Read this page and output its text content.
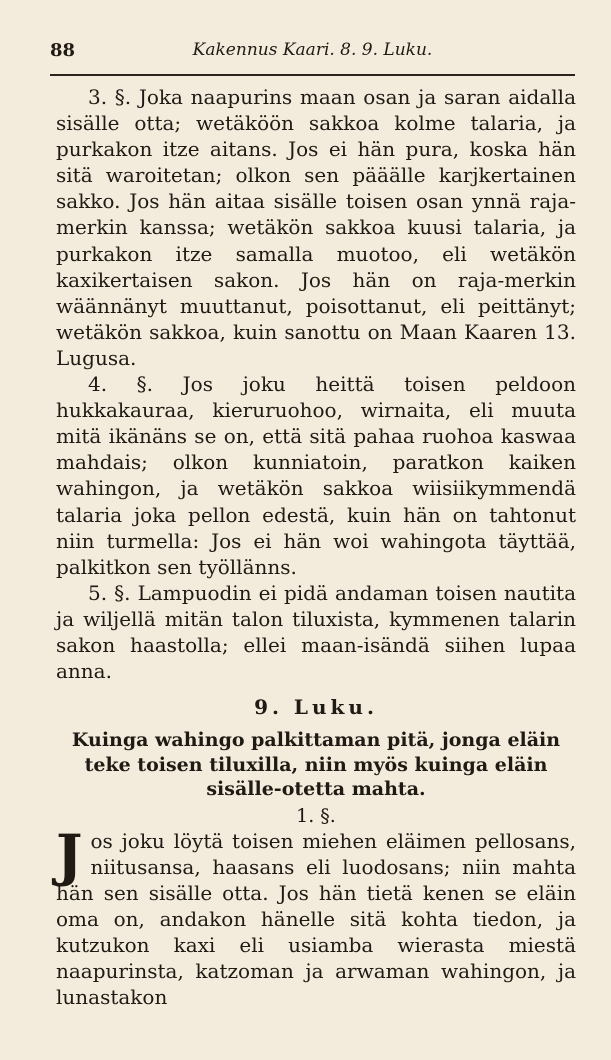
88	Kakennus Kaari. 8. 9. Luku.

3. §. Joka naapurins maan osan ja saran aidalla sisälle otta; wetäköön sakkoa kolme talaria, ja purkakon itze aitans. Jos ei hän pura, koska hän sitä waroitetan; olkon sen pääälle karjkertainen sakko. Jos hän aitaa sisälle toisen osan ynnä raja-merkin kanssa; wetäkön sakkoa kuusi talaria, ja purkakon itze samalla muotoo, eli wetäkön kaxikertaisen sakon. Jos hän on raja-merkin wäännänyt muuttanut, poisottanut, eli peittänyt; wetäkön sakkoa, kuin sanottu on Maan Kaaren 13. Lugusa.

4. §. Jos joku heittä toisen peldoon hukkakauraa, kieruruohoo, wirnaita, eli muuta mitä ikänäns se on, että sitä pahaa ruohoa kaswaa mahdais; olkon kunniatoin, paratkon kaiken wahingon, ja wetäkön sakkoa wiisiikymmendä talaria joka pellon edestä, kuin hän on tahtonut niin turmella: Jos ei hän woi wahingota täyttää, palkitkon sen työllänns.

5. §. Lampuodin ei pidä andaman toisen nautita ja wiljellä mitän talon tiluxista, kymmenen talarin sakon haastolla; ellei maan-isändä siihen lupaa anna.

9. Luku.
Kuinga wahingo palkittaman pitä, jonga eläin teke toisen tiluxilla, niin myös kuinga eläin sisälle-otetta mahta.
1. §.

J os joku löytä toisen miehen eläimen pellosans, niitusansa, haasans eli luodosans; niin mahta hän sen sisälle otta. Jos hän tietä kenen se eläin oma on, andakon hänelle sitä kohta tiedon, ja kutzukon kaxi eli usiamba wierasta miestä naapurinsta, katzoman ja arwaman wahingon, ja lunastakon
